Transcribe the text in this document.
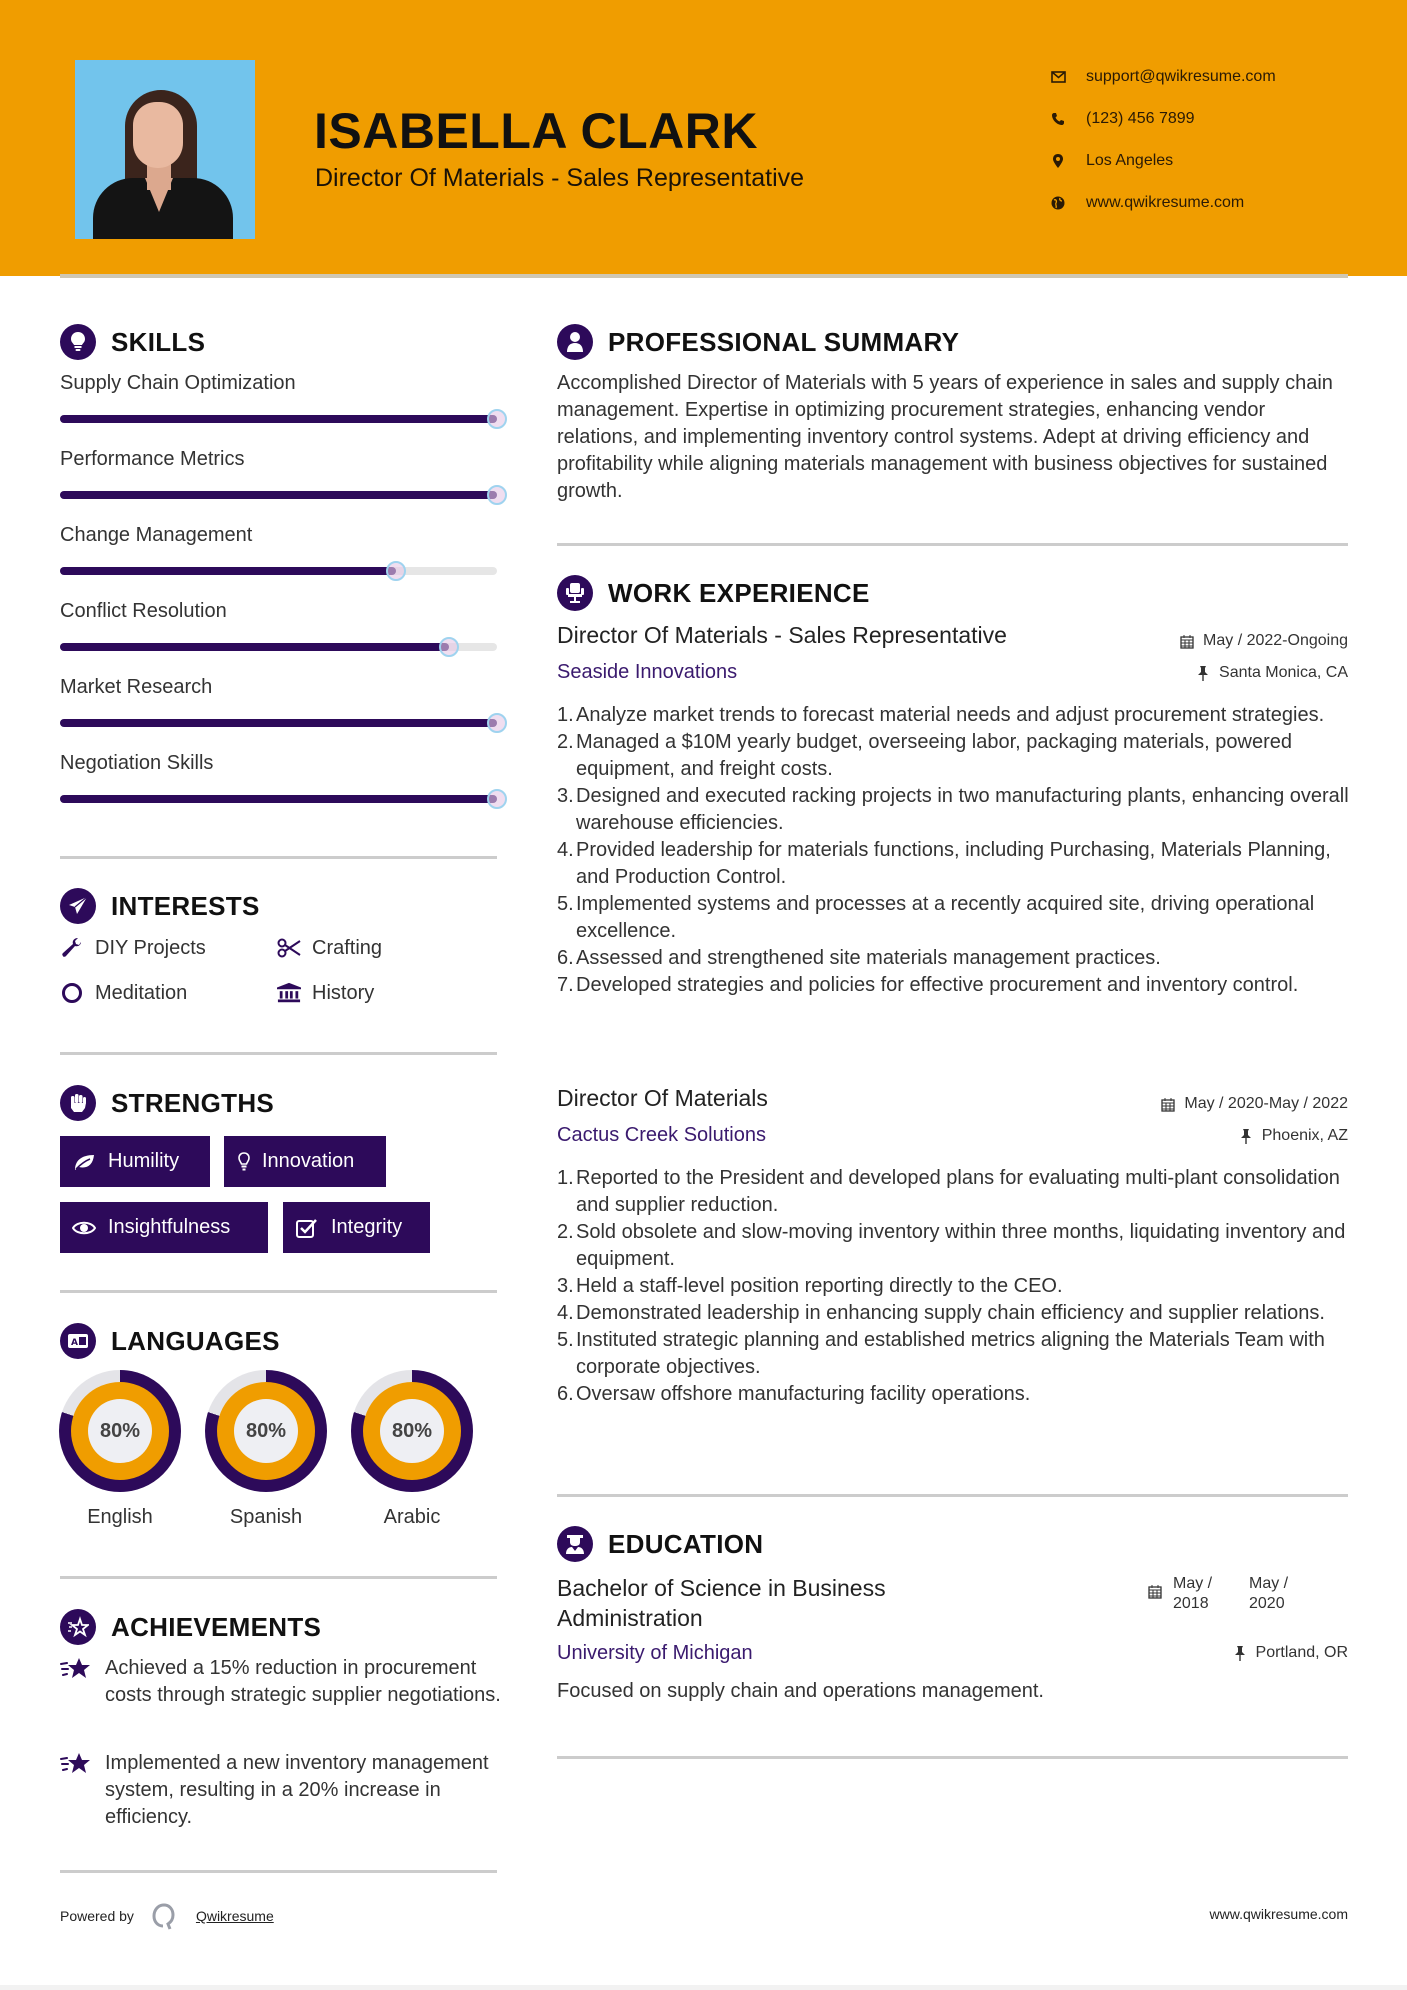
ISABELLA CLARK
Director Of Materials - Sales Representative
support@qwikresume.com
(123) 456 7899
Los Angeles
www.qwikresume.com
SKILLS
Supply Chain Optimization
Performance Metrics
Change Management
Conflict Resolution
Market Research
Negotiation Skills
INTERESTS
DIY Projects	Crafting
Meditation	History
STRENGTHS
Humility	Innovation
Insightfulness	Integrity
A LANGUAGES
80%
English
80%
Spanish
80%
Arabic
ACHIEVEMENTS
Achieved a 15% reduction in procurement costs through strategic supplier negotiations.
Implemented a new inventory management system, resulting in a 20% increase in efficiency.
PROFESSIONAL SUMMARY
Accomplished Director of Materials with 5 years of experience in sales and supply chain management. Expertise in optimizing procurement strategies, enhancing vendor relations, and implementing inventory control systems. Adept at driving efficiency and profitability while aligning materials management with business objectives for sustained growth.
WORK EXPERIENCE
Director Of Materials - Sales Representative	May / 2022-Ongoing
Seaside Innovations	Santa Monica, CA
1. Analyze market trends to forecast material needs and adjust procurement strategies.
2. Managed a $10M yearly budget, overseeing labor, packaging materials, powered equipment, and freight costs.
3. Designed and executed racking projects in two manufacturing plants, enhancing overall warehouse efficiencies.
4. Provided leadership for materials functions, including Purchasing, Materials Planning, and Production Control.
5. Implemented systems and processes at a recently acquired site, driving operational excellence.
6. Assessed and strengthened site materials management practices.
7. Developed strategies and policies for effective procurement and inventory control.
Director Of Materials	May / 2020-May / 2022
Cactus Creek Solutions	Phoenix, AZ
1. Reported to the President and developed plans for evaluating multi-plant consolidation and supplier reduction.
2. Sold obsolete and slow-moving inventory within three months, liquidating inventory and equipment.
3. Held a staff-level position reporting directly to the CEO.
4. Demonstrated leadership in enhancing supply chain efficiency and supplier relations.
5. Instituted strategic planning and established metrics aligning the Materials Team with corporate objectives.
6. Oversaw offshore manufacturing facility operations.
EDUCATION
Bachelor of Science in Business Administration
May / 2018
May / 2020
University of Michigan	Portland, OR
Focused on supply chain and operations management.
Powered by	Qwikresume	www.qwikresume.com
